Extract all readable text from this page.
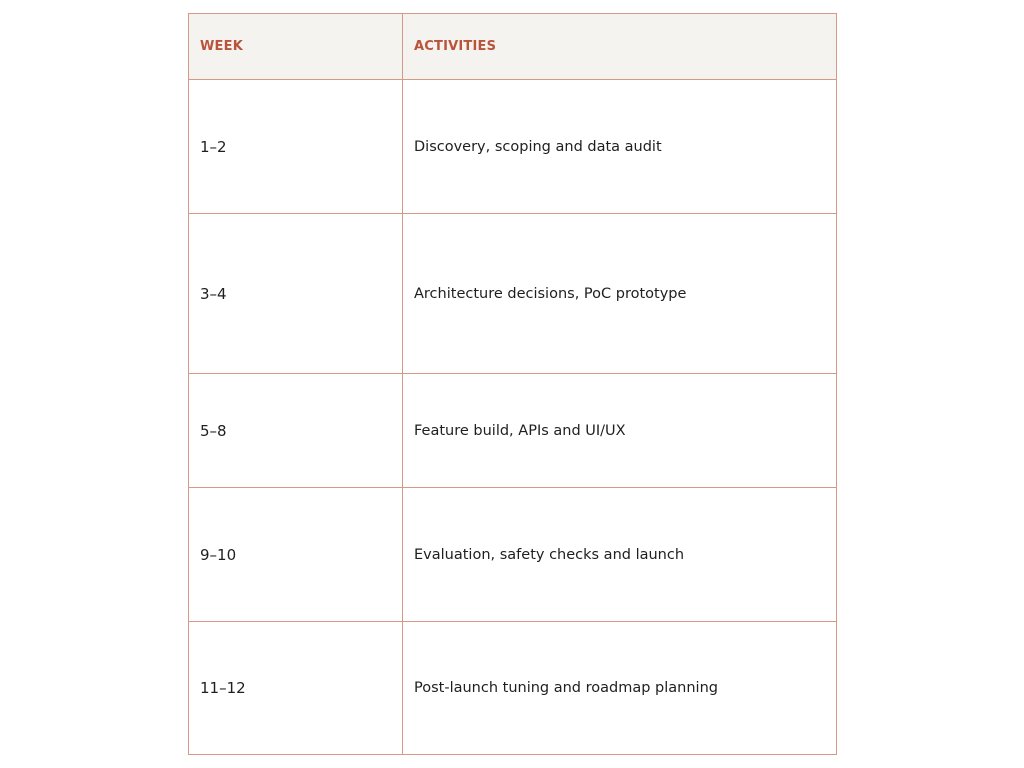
WEEK	ACTIVITIES
1–2	Discovery, scoping and data audit
3–4	Architecture decisions, PoC prototype
5–8	Feature build, APIs and UI/UX
9–10	Evaluation, safety checks and launch
11–12	Post-launch tuning and roadmap planning
